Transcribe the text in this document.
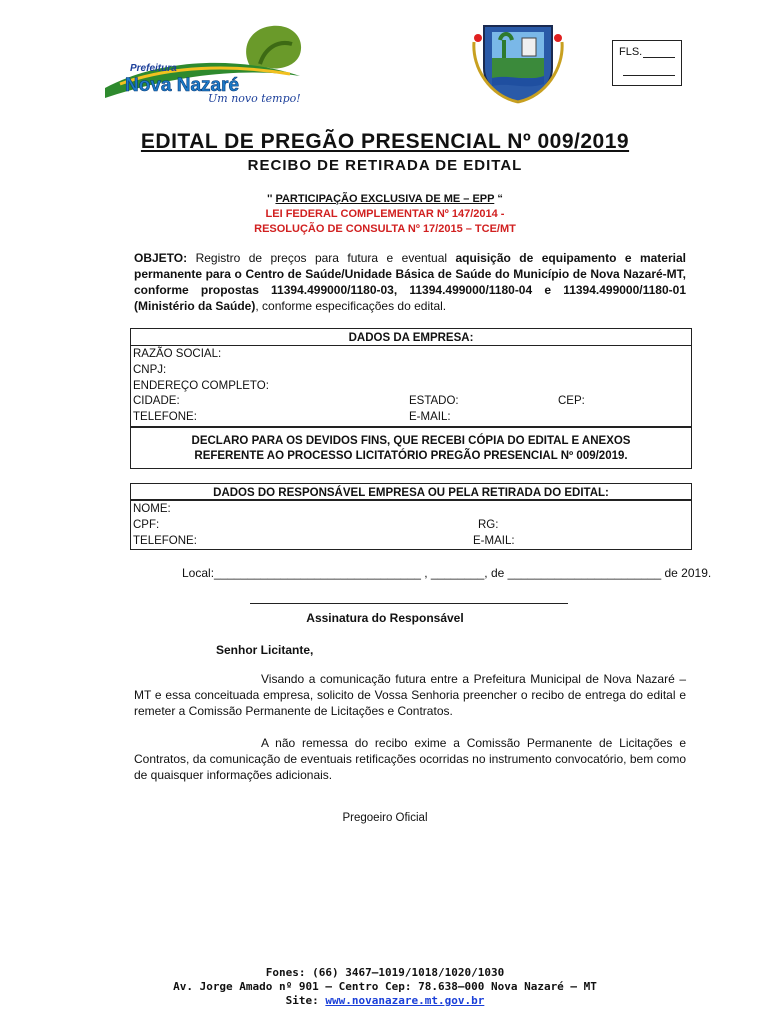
Prefeitura
Nova Nazaré
Um novo tempo!
FLS.
EDITAL DE PREGÃO PRESENCIAL Nº 009/2019
RECIBO DE RETIRADA DE EDITAL
'' PARTICIPAÇÃO EXCLUSIVA DE ME – EPP “
LEI FEDERAL COMPLEMENTAR Nº 147/2014 -
RESOLUÇÃO DE CONSULTA Nº 17/2015 – TCE/MT
OBJETO: Registro de preços para futura e eventual aquisição de equipamento e material permanente para o Centro de Saúde/Unidade Básica de Saúde do Município de Nova Nazaré-MT, conforme propostas 11394.499000/1180-03, 11394.499000/1180-04 e 11394.499000/1180-01 (Ministério da Saúde), conforme especificações do edital.
DADOS DA EMPRESA:
RAZÃO SOCIAL:
CNPJ:
ENDEREÇO COMPLETO:
CIDADE:	ESTADO:	CEP:
TELEFONE:	E-MAIL:
DECLARO PARA OS DEVIDOS FINS, QUE RECEBI CÓPIA DO EDITAL E ANEXOS
REFERENTE AO PROCESSO LICITATÓRIO PREGÃO PRESENCIAL Nº 009/2019.
DADOS DO RESPONSÁVEL EMPRESA OU PELA RETIRADA DO EDITAL:
NOME:
CPF:	RG:
TELEFONE:	E-MAIL:
Local:_______________________________ , ________, de _______________________ de 2019.
Assinatura do Responsável
Senhor Licitante,
Visando a comunicação futura entre a Prefeitura Municipal de Nova Nazaré – MT e essa conceituada empresa, solicito de Vossa Senhoria preencher o recibo de entrega do edital e remeter a Comissão Permanente de Licitações e Contratos.
A não remessa do recibo exime a Comissão Permanente de Licitações e Contratos, da comunicação de eventuais retificações ocorridas no instrumento convocatório, bem como de quaisquer informações adicionais.
Pregoeiro Oficial
Fones: (66) 3467–1019/1018/1020/1030
Av. Jorge Amado nº 901 – Centro Cep: 78.638–000 Nova Nazaré – MT
Site: www.novanazare.mt.gov.br
